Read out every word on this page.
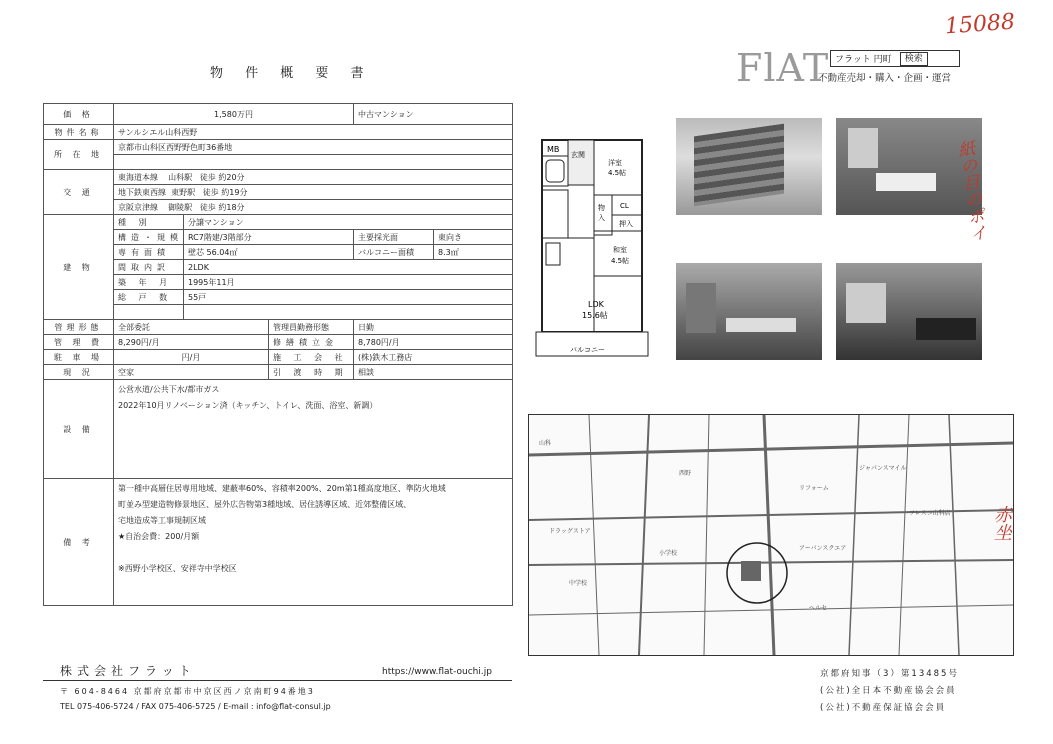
物 件 概 要 書
15088
FlAT フラット 円町	検索
不動産売却・購入・企画・運営
価 格	1,580万円			中古マンション	
物件名称	サンルシエル山科西野				
所 在 地	京都市山科区西野野色町36番地				

交 通	東海道本線 山科駅 徒歩 約20分				
	地下鉄東西線 東野駅 徒歩 約19分				
	京阪京津線 御陵駅 徒歩 約18分				
建 物	種 別	分譲マンション			
	構造・規模	RC7階建/3階部分		主要採光面	東向き
	専有面積	壁芯 56.04㎡		バルコニー面積	8.3㎡
	間取内訳	2LDK			
	築 年 月	1995年11月			
	総 戸 数	55戸			

管理形態	全部委託		管理員勤務形態	日勤	
管 理 費	8,290円/月		修繕積立金	8,780円/月	
駐 車 場	円/月		施 工 会 社	(株)鉄木工務店	
現 況	空家		引 渡 時 期	相談	
設 備	公営水道/公共下水/都市ガス
2022年10月リノベーション済（キッチン、トイレ、洗面、浴室、新調）				

備 考	第一種中高層住居専用地域、建蔽率60%、容積率200%、20m第1種高度地区、準防火地域
町並み型建造物修景地区、屋外広告物第3種地域、居住誘導区域、近郊整備区域、
宅地造成等工事規制区域
★自治会費：200/月額
※西野小学校区、安祥寺中学校区				
MB
玄関
洋室
4.5帖
CL
物
入
押入
和室
4.5帖
LDK
15.6帖
バルコニー
山科
西野
ドラッグストア
リフォーム
フレスコ山科店
アーバンスクエア
ヘルセ
ジャパンスマイル
小学校
中学校
紙の目のポイ
赤坐
株式会社フラット	https://www.flat-ouchi.jp
〒 604-8464 京都府京都市中京区西ノ京南町94番地3
TEL 075-406-5724 / FAX 075-406-5725 / E-mail : info@flat-consul.jp
京都府知事（3）第13485号
(公社)全日本不動産協会会員
(公社)不動産保証協会会員
